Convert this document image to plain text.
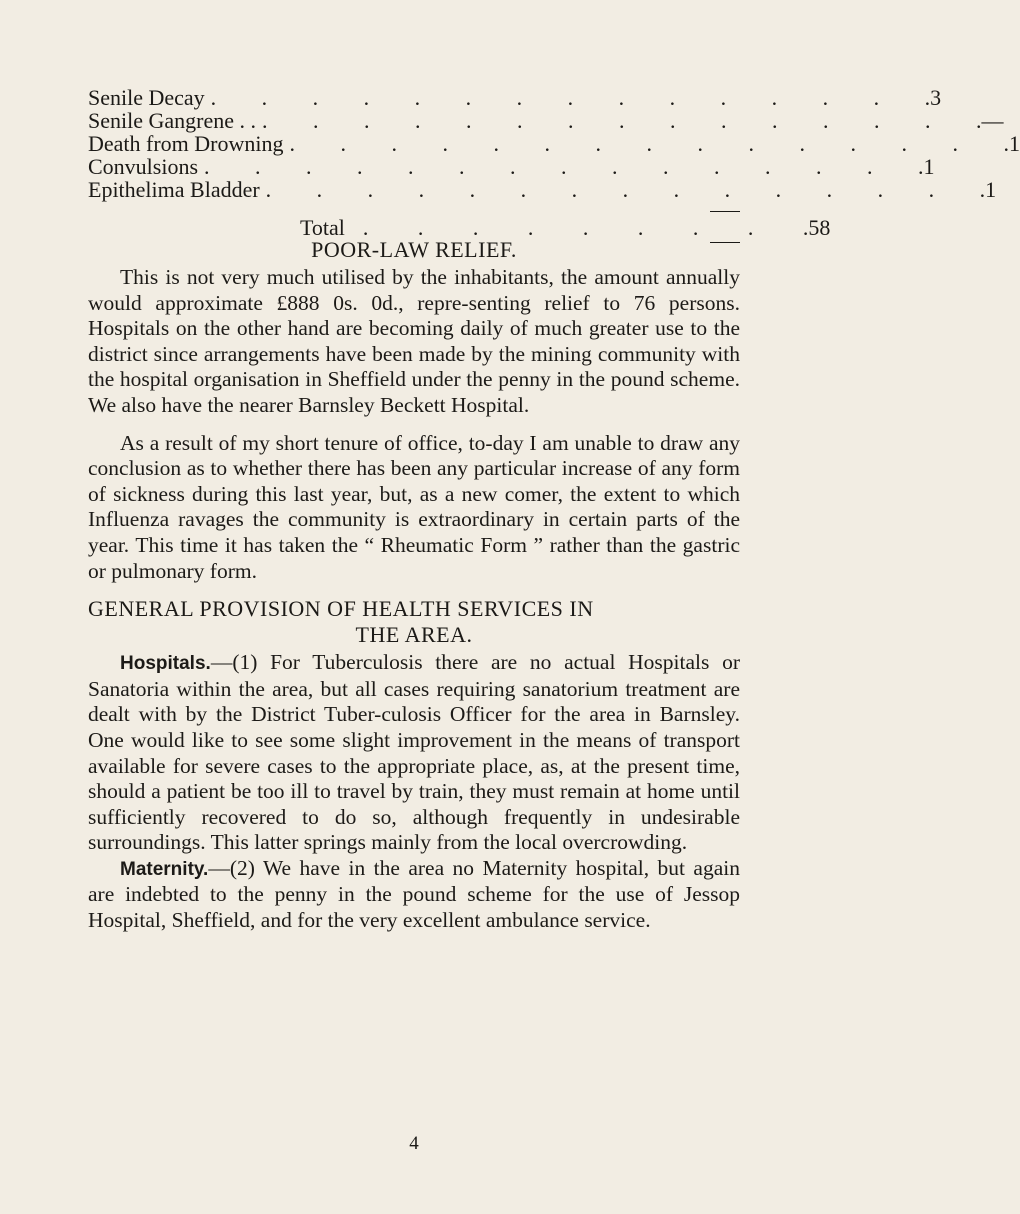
Senile Decay . . . . . . . . . . . . . . . 3
Senile Gangrene . . . . . . . . . . . . . . . . . —
Death from Drowning . . . . . . . . . . . . . . . 1
Convulsions . . . . . . . . . . . . . . . 1
Epithelima Bladder . . . . . . . . . . . . . . . 1
Total . . . . . . . . . 58
POOR-LAW RELIEF.

This is not very much utilised by the inhabitants, the amount annually would approximate £888 0s. 0d., repre-senting relief to 76 persons. Hospitals on the other hand are becoming daily of much greater use to the district since arrangements have been made by the mining community with the hospital organisation in Sheffield under the penny in the pound scheme. We also have the nearer Barnsley Beckett Hospital.

As a result of my short tenure of office, to-day I am unable to draw any conclusion as to whether there has been any particular increase of any form of sickness during this last year, but, as a new comer, the extent to which Influenza ravages the community is extraordinary in certain parts of the year. This time it has taken the “ Rheumatic Form ” rather than the gastric or pulmonary form.

GENERAL PROVISION OF HEALTH SERVICES IN
THE AREA.

Hospitals.—(1) For Tuberculosis there are no actual Hospitals or Sanatoria within the area, but all cases requiring sanatorium treatment are dealt with by the District Tuber-culosis Officer for the area in Barnsley. One would like to see some slight improvement in the means of transport available for severe cases to the appropriate place, as, at the present time, should a patient be too ill to travel by train, they must remain at home until sufficiently recovered to do so, although frequently in undesirable surroundings. This latter springs mainly from the local overcrowding.

Maternity.—(2) We have in the area no Maternity hospital, but again are indebted to the penny in the pound scheme for the use of Jessop Hospital, Sheffield, and for the very excellent ambulance service.

4
